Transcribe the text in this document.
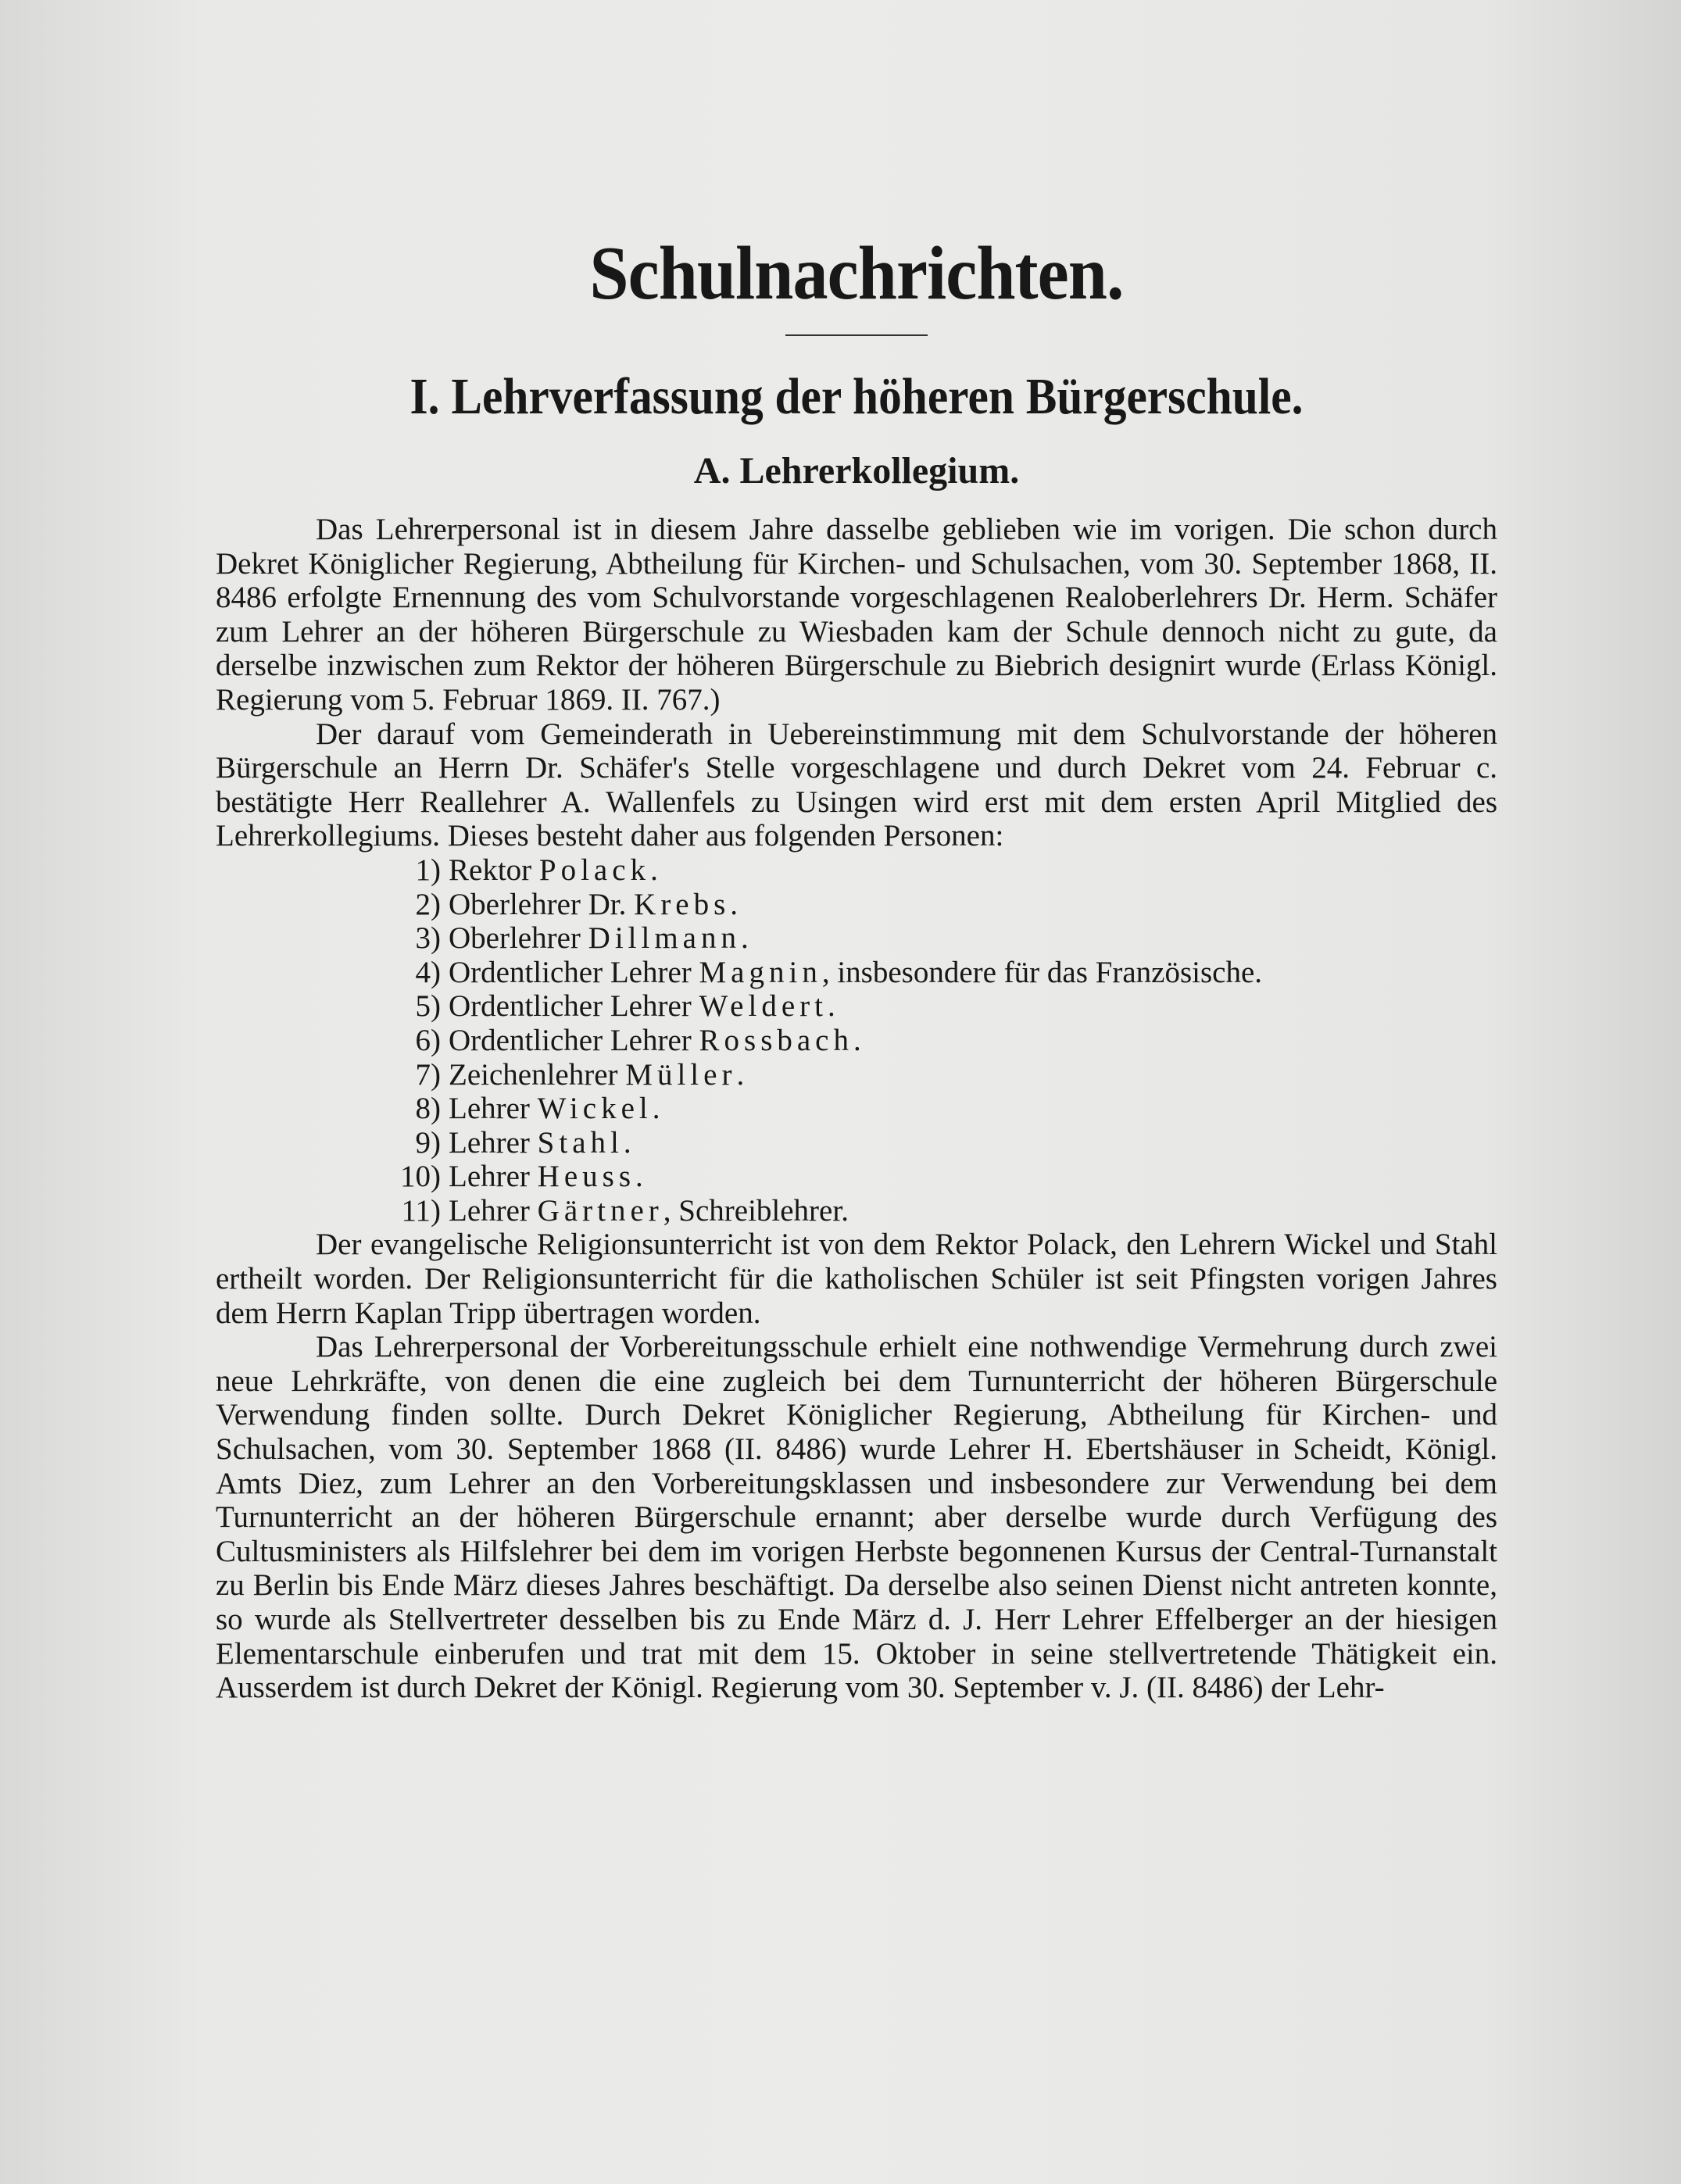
Schulnachrichten.
I. Lehrverfassung der höheren Bürgerschule.
A. Lehrerkollegium.

Das Lehrerpersonal ist in diesem Jahre dasselbe geblieben wie im vorigen. Die schon durch Dekret Königlicher Regierung, Abtheilung für Kirchen- und Schulsachen, vom 30. September 1868, II. 8486 erfolgte Ernennung des vom Schulvorstande vorgeschlagenen Realoberlehrers Dr. Herm. Schäfer zum Lehrer an der höheren Bürgerschule zu Wiesbaden kam der Schule dennoch nicht zu gute, da derselbe inzwischen zum Rektor der höheren Bürgerschule zu Biebrich designirt wurde (Erlass Königl. Regierung vom 5. Februar 1869. II. 767.)

Der darauf vom Gemeinderath in Uebereinstimmung mit dem Schulvorstande der höheren Bürgerschule an Herrn Dr. Schäfer's Stelle vorgeschlagene und durch Dekret vom 24. Februar c. bestätigte Herr Reallehrer A. Wallenfels zu Usingen wird erst mit dem ersten April Mitglied des Lehrerkollegiums. Dieses besteht daher aus folgenden Personen:

1) Rektor Polack.
2) Oberlehrer Dr. Krebs.
3) Oberlehrer Dillmann.
4) Ordentlicher Lehrer Magnin, insbesondere für das Französische.
5) Ordentlicher Lehrer Weldert.
6) Ordentlicher Lehrer Rossbach.
7) Zeichenlehrer Müller.
8) Lehrer Wickel.
9) Lehrer Stahl.
10) Lehrer Heuss.
11) Lehrer Gärtner, Schreiblehrer.

Der evangelische Religionsunterricht ist von dem Rektor Polack, den Lehrern Wickel und Stahl ertheilt worden. Der Religionsunterricht für die katholischen Schüler ist seit Pfingsten vorigen Jahres dem Herrn Kaplan Tripp übertragen worden.

Das Lehrerpersonal der Vorbereitungsschule erhielt eine nothwendige Vermehrung durch zwei neue Lehrkräfte, von denen die eine zugleich bei dem Turnunterricht der höheren Bürgerschule Verwendung finden sollte. Durch Dekret Königlicher Regierung, Abtheilung für Kirchen- und Schulsachen, vom 30. September 1868 (II. 8486) wurde Lehrer H. Ebertshäuser in Scheidt, Königl. Amts Diez, zum Lehrer an den Vorbereitungsklassen und insbesondere zur Verwendung bei dem Turnunterricht an der höheren Bürgerschule ernannt; aber derselbe wurde durch Verfügung des Cultusministers als Hilfslehrer bei dem im vorigen Herbste begonnenen Kursus der Central-Turnanstalt zu Berlin bis Ende März dieses Jahres beschäftigt. Da derselbe also seinen Dienst nicht antreten konnte, so wurde als Stellvertreter desselben bis zu Ende März d. J. Herr Lehrer Effelberger an der hiesigen Elementarschule einberufen und trat mit dem 15. Oktober in seine stellvertretende Thätigkeit ein. Ausserdem ist durch Dekret der Königl. Regierung vom 30. September v. J. (II. 8486) der Lehr-
